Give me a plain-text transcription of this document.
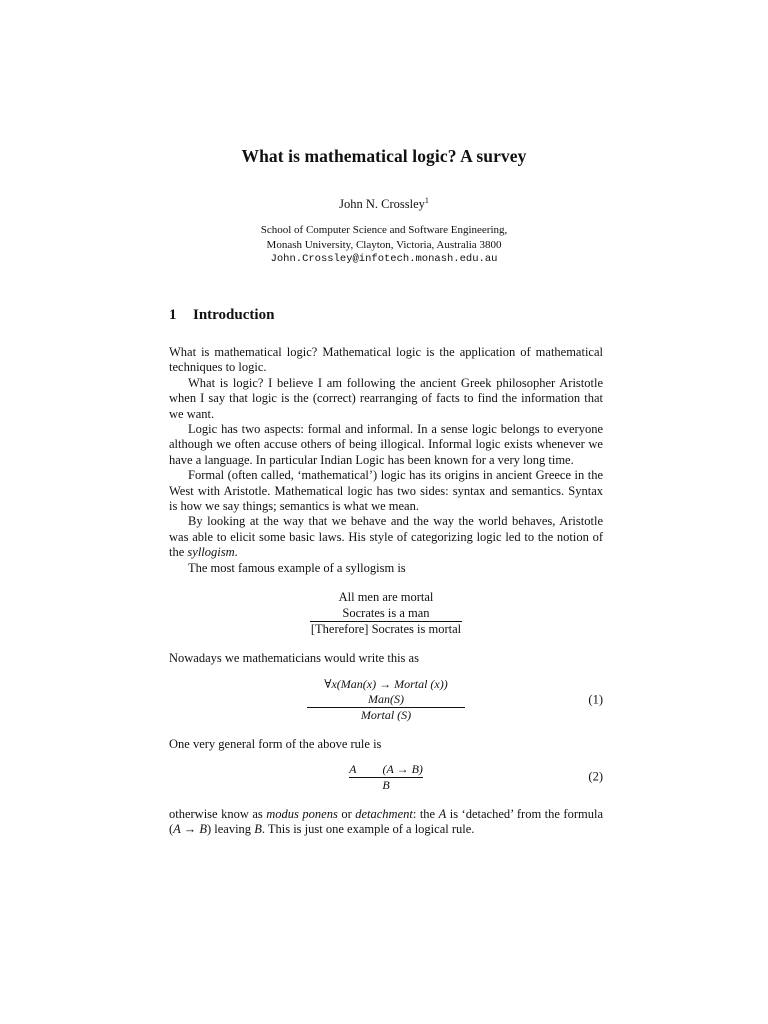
What is mathematical logic? A survey
John N. Crossley$^1$
School of Computer Science and Software Engineering,
Monash University, Clayton, Victoria, Australia 3800
John.Crossley@infotech.monash.edu.au
1 Introduction

What is mathematical logic? Mathematical logic is the application of mathematical techniques to logic.

What is logic? I believe I am following the ancient Greek philosopher Aristotle when I say that logic is the (correct) rearranging of facts to find the information that we want.

Logic has two aspects: formal and informal. In a sense logic belongs to everyone although we often accuse others of being illogical. Informal logic exists whenever we have a language. In particular Indian Logic has been known for a very long time.

Formal (often called, ‘mathematical’) logic has its origins in ancient Greece in the West with Aristotle. Mathematical logic has two sides: syntax and semantics. Syntax is how we say things; semantics is what we mean.

By looking at the way that we behave and the way the world behaves, Aristotle was able to elicit some basic laws. His style of categorizing logic led to the notion of the syllogism.

The most famous example of a syllogism is

All men are mortal
Socrates is a man
[Therefore] Socrates is mortal

Nowadays we mathematicians would write this as

∀x(Man(x) → Mortal (x))
Man(S)
Mortal (S)
(1)

One very general form of the above rule is

$\frac{A (A \to B)}{B}$	(2)

otherwise know as modus ponens or detachment: the A is ‘detached’ from the formula (A → B) leaving B. This is just one example of a logical rule.
